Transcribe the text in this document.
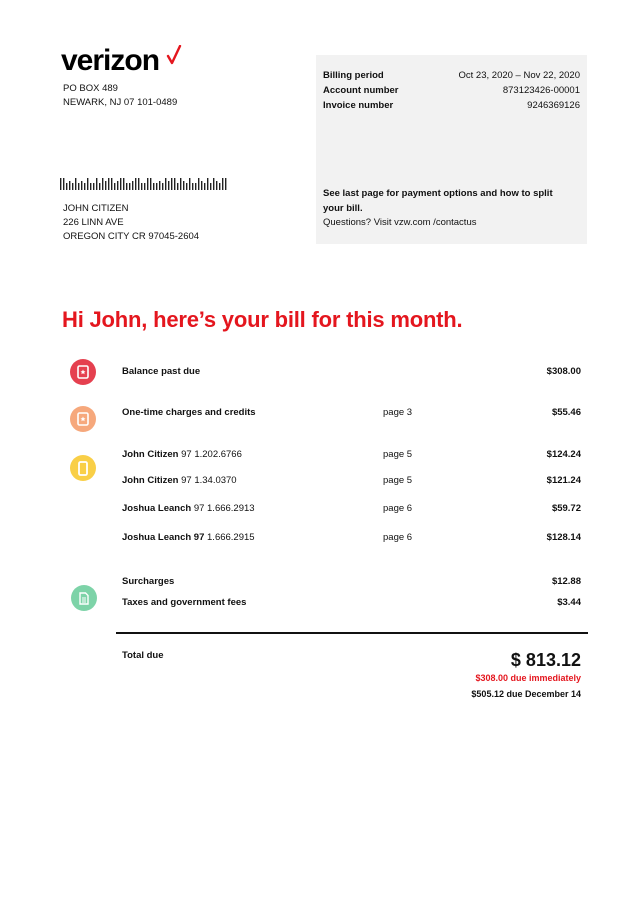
verizon
PO BOX 489
NEWARK, NJ 07 101-0489
Billing period	Oct 23, 2020 – Nov 22, 2020
Account number	873123426-00001
Invoice number	9246369126
See last page for payment options and how to split your bill.
Questions? Visit vzw.com /contactus
JOHN CITIZEN
226 LINN AVE
OREGON CITY CR 97045-2604
Hi John, here’s your bill for this month.
Balance past due	$308.00
One-time charges and credits	page 3	$55.46
John Citizen 97 1.202.6766	page 5	$124.24
John Citizen 97 1.34.0370	page 5	$121.24
Joshua Leanch 97 1.666.2913	page 6	$59.72
Joshua Leanch 97 1.666.2915	page 6	$128.14
Surcharges	$12.88
Taxes and government fees	$3.44
Total due	$ 813.12
$308.00 due immediately
$505.12 due December 14
